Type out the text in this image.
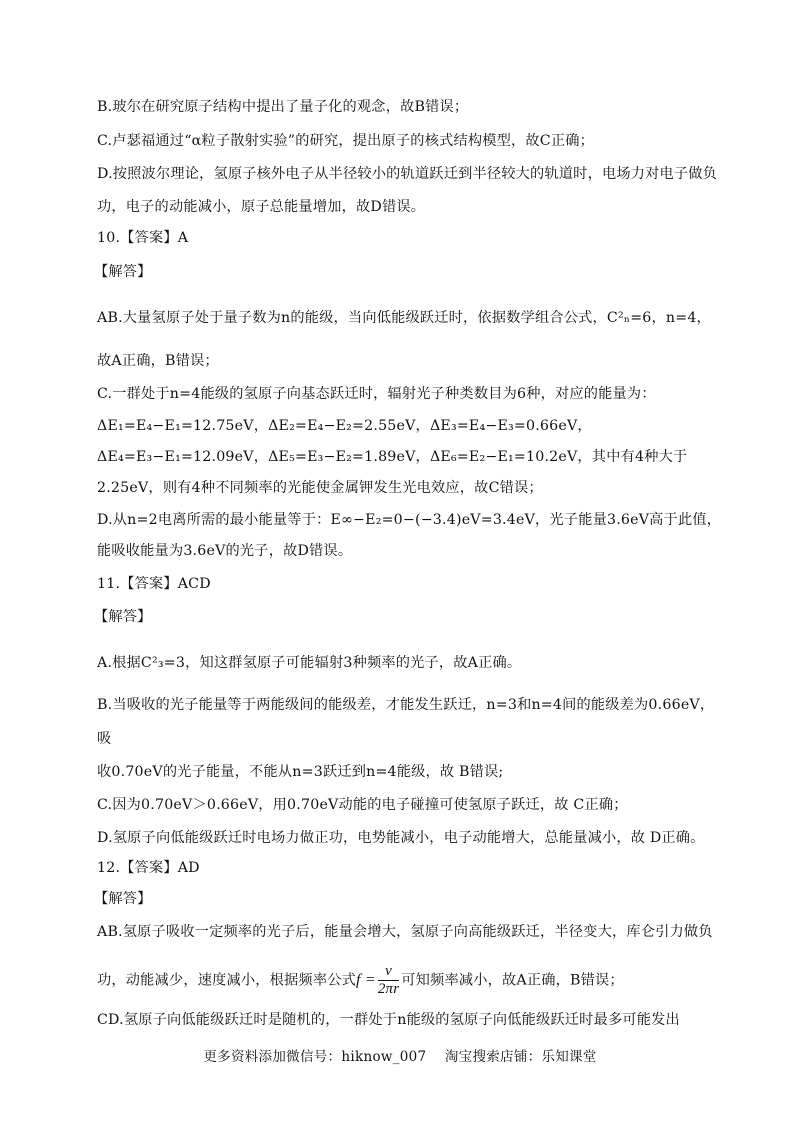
B.玻尔在研究原子结构中提出了量子化的观念，故B错误；
C.卢瑟福通过“α粒子散射实验”的研究，提出原子的核式结构模型，故C正确；
D.按照波尔理论，氢原子核外电子从半径较小的轨道跃迁到半径较大的轨道时，电场力对电子做负
功，电子的动能减小，原子总能量增加，故D错误。
10.【答案】A
【解答】
AB.大量氢原子处于量子数为n的能级，当向低能级跃迁时，依据数学组合公式，C²ₙ=6，n=4，
故A正确，B错误；
C.一群处于n=4能级的氢原子向基态跃迁时，辐射光子种类数目为6种，对应的能量为：
ΔE₁=E₄−E₁=12.75eV，ΔE₂=E₄−E₂=2.55eV，ΔE₃=E₄−E₃=0.66eV，
ΔE₄=E₃−E₁=12.09eV，ΔE₅=E₃−E₂=1.89eV，ΔE₆=E₂−E₁=10.2eV，其中有4种大于
2.25eV，则有4种不同频率的光能使金属钾发生光电效应，故C错误；
D.从n=2电离所需的最小能量等于：E∞−E₂=0−(−3.4)eV=3.4eV，光子能量3.6eV高于此值，
能吸收能量为3.6eV的光子，故D错误。
11.【答案】ACD
【解答】
A.根据C²₃=3，知这群氢原子可能辐射3种频率的光子，故A正确。
B.当吸收的光子能量等于两能级间的能级差，才能发生跃迁，n=3和n=4间的能级差为0.66eV，
吸
收0.70eV的光子能量，不能从n=3跃迁到n=4能级，故 B错误;
C.因为0.70eV＞0.66eV，用0.70eV动能的电子碰撞可使氢原子跃迁，故 C正确；
D.氢原子向低能级跃迁时电场力做正功，电势能减小，电子动能增大，总能量减小，故 D正确。
12.【答案】AD
【解答】
AB.氢原子吸收一定频率的光子后，能量会增大，氢原子向高能级跃迁，半径变大，库仑引力做负
功，动能减少，速度减小，根据频率公式$f = \frac{v}{2\pi r}$ 可知频率减小，故A正确，B错误；
CD.氢原子向低能级跃迁时是随机的，一群处于n能级的氢原子向低能级跃迁时最多可能发出
更多资料添加微信号：hiknow_007　 淘宝搜索店铺：乐知课堂
